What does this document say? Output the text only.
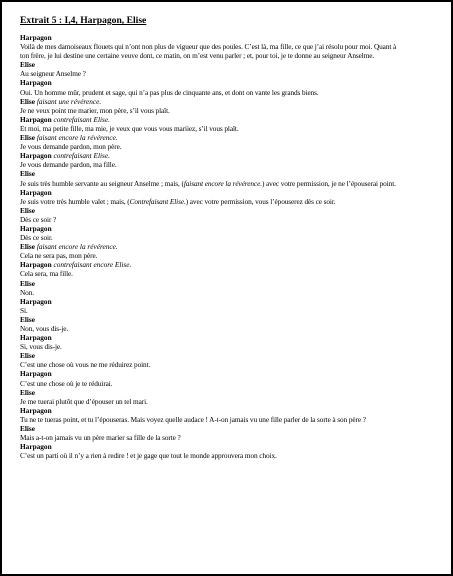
Extrait 5 : I,4, Harpagon, Elise
Harpagon
Voilà de mes damoiseaux flouets qui n’ont non plus de vigueur que des poules. C’est là, ma fille, ce que j’ai résolu pour moi. Quant à
ton frère, je lui destine une certaine veuve dont, ce matin, on m’est venu parler ; et, pour toi, je te donne au seigneur Anselme.
Elise
Au seigneur Anselme ?
Harpagon
Oui. Un homme mûr, prudent et sage, qui n’a pas plus de cinquante ans, et dont on vante les grands biens.
Elise faisant une révérence.
Je ne veux point me marier, mon père, s’il vous plaît.
Harpagon contrefaisant Elise.
Et moi, ma petite fille, ma mie, je veux que vous vous mariiez, s’il vous plaît.
Elise faisant encore la révérence.
Je vous demande pardon, mon père.
Harpagon contrefaisant Elise.
Je vous demande pardon, ma fille.
Elise
Je suis très humble servante au seigneur Anselme ; mais, (faisant encore la révérence.) avec votre permission, je ne l’épouserai point.
Harpagon
Je suis votre très humble valet ; mais, (Contrefaisant Elise.) avec votre permission, vous l’épouserez dès ce soir.
Elise
Dès ce soir ?
Harpagon
Dès ce soir.
Elise faisant encore la révérence.
Cela ne sera pas, mon père.
Harpagon contrefaisant encore Elise.
Cela sera, ma fille.
Elise
Non.
Harpagon
Si.
Elise
Non, vous dis-je.
Harpagon
Si, vous dis-je.
Elise
C’est une chose où vous ne me réduirez point.
Harpagon
C’est une chose où je te réduirai.
Elise
Je me tuerai plutôt que d’épouser un tel mari.
Harpagon
Tu ne te tueras point, et tu l’épouseras. Mais voyez quelle audace ! A-t-on jamais vu une fille parler de la sorte à son père ?
Elise
Mais a-t-on jamais vu un père marier sa fille de la sorte ?
Harpagon
C’est un parti où il n’y a rien à redire ! et je gage que tout le monde approuvera mon choix.
